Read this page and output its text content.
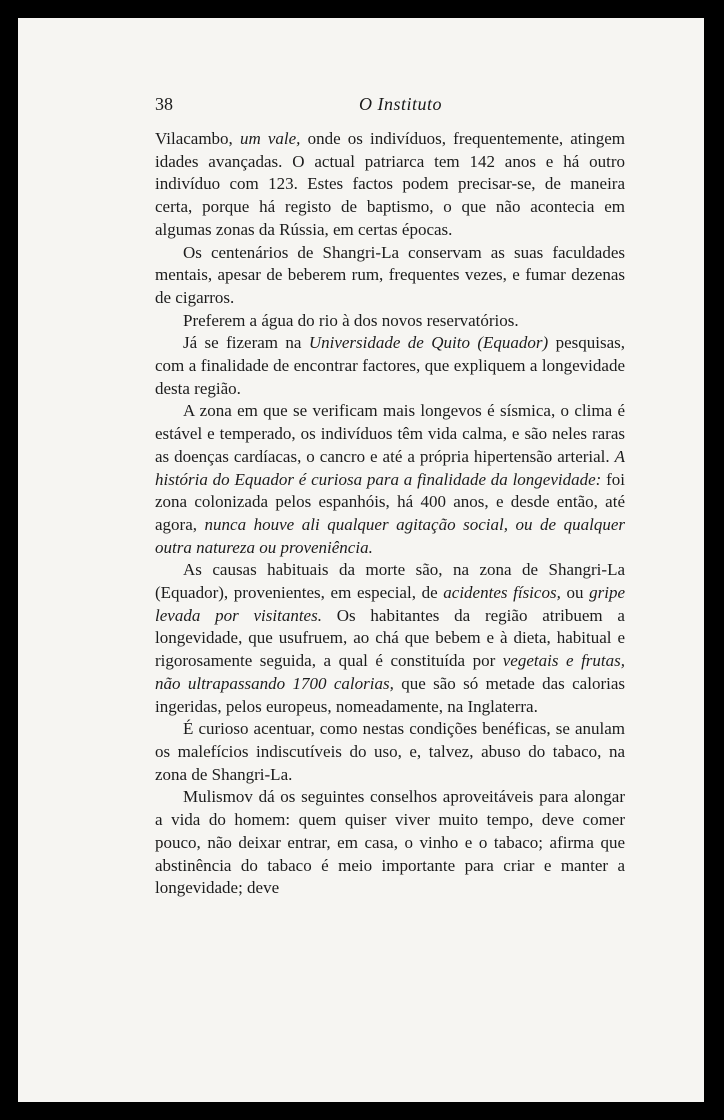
38	O Instituto

Vilacambo, um vale, onde os indivíduos, frequentemente, atingem idades avançadas. O actual patriarca tem 142 anos e há outro indivíduo com 123. Estes factos podem precisar-se, de maneira certa, porque há registo de baptismo, o que não acontecia em algumas zonas da Rússia, em certas épocas.

Os centenários de Shangri-La conservam as suas faculdades mentais, apesar de beberem rum, frequentes vezes, e fumar dezenas de cigarros.

Preferem a água do rio à dos novos reservatórios.

Já se fizeram na Universidade de Quito (Equador) pesquisas, com a finalidade de encontrar factores, que expliquem a longevidade desta região.

A zona em que se verificam mais longevos é sísmica, o clima é estável e temperado, os indivíduos têm vida calma, e são neles raras as doenças cardíacas, o cancro e até a própria hipertensão arterial. A história do Equador é curiosa para a finalidade da longevidade: foi zona colonizada pelos espanhóis, há 400 anos, e desde então, até agora, nunca houve ali qualquer agitação social, ou de qualquer outra natureza ou proveniência.

As causas habituais da morte são, na zona de Shangri-La (Equador), provenientes, em especial, de acidentes físicos, ou gripe levada por visitantes. Os habitantes da região atribuem a longevidade, que usufruem, ao chá que bebem e à dieta, habitual e rigorosamente seguida, a qual é constituída por vegetais e frutas, não ultrapassando 1700 calorias, que são só metade das calorias ingeridas, pelos europeus, nomeadamente, na Inglaterra.

É curioso acentuar, como nestas condições benéficas, se anulam os malefícios indiscutíveis do uso, e, talvez, abuso do tabaco, na zona de Shangri-La.

Mulismov dá os seguintes conselhos aproveitáveis para alongar a vida do homem: quem quiser viver muito tempo, deve comer pouco, não deixar entrar, em casa, o vinho e o tabaco; afirma que abstinência do tabaco é meio importante para criar e manter a longevidade; deve
